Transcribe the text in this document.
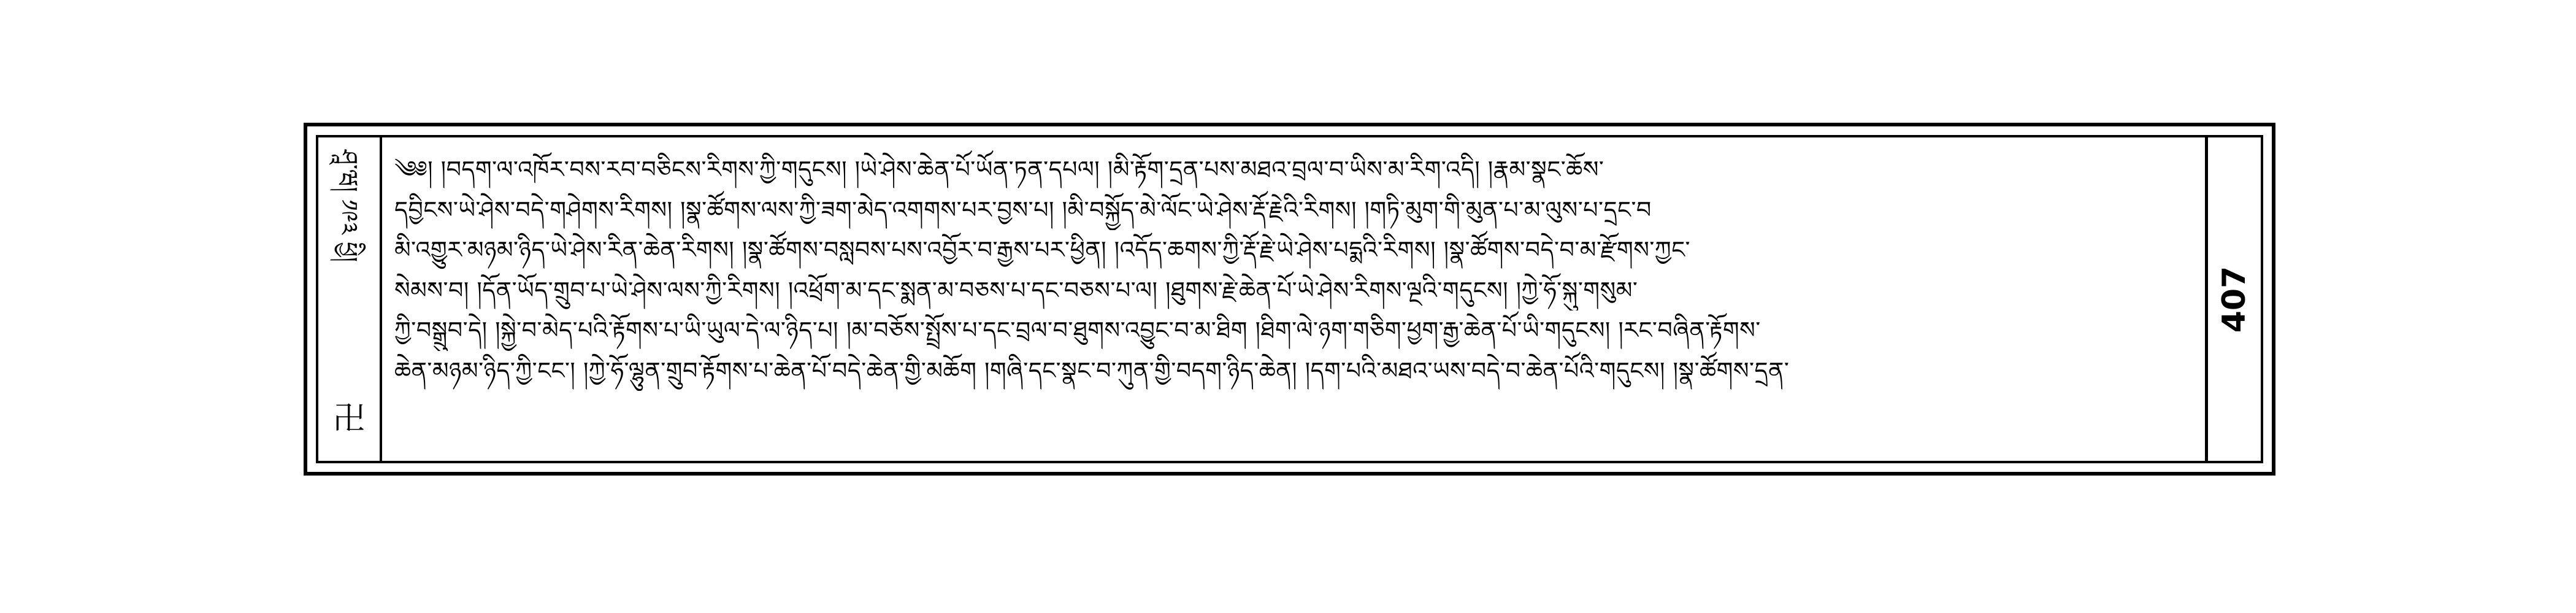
ཤཱ་ཝ། ༡༩༣ ཕྱི།
卍
༄༅། །བདག་ལ་འཁོར་བས་རབ་བཅིངས་རིགས་ཀྱི་གདུངས། །ཡེ་ཤེས་ཆེན་པོ་ཡོན་ཏན་དཔལ། །མི་རྟོག་དྲན་པས་མཐའ་བྲལ་བ་ཡིས་མ་རིག་འདི། །རྣམ་སྣང་ཆོས་
དབྱིངས་ཡེ་ཤེས་བདེ་གཤེགས་རིགས། །སྣ་ཚོགས་ལས་ཀྱི་ཟག་མེད་འགགས་པར་བྱས་པ། །མི་བསྐྱོད་མེ་ལོང་ཡེ་ཤེས་རྡོ་རྗེའི་རིགས། །གཏི་མུག་གི་མུན་པ་མ་ལུས་པ་དྲང་བ
མི་འགྱུར་མཉམ་ཉིད་ཡེ་ཤེས་རིན་ཆེན་རིགས། །སྣ་ཚོགས་བསླབས་པས་འབྱོར་བ་རྒྱས་པར་ཕྱིན། །འདོད་ཆགས་ཀྱི་རྡོ་རྗེ་ཡེ་ཤེས་པདྨའི་རིགས། །སྣ་ཚོགས་བདེ་བ་མ་རྫོགས་ཀྱང་
སེམས་བ། །དོན་ཡོད་གྲུབ་པ་ཡེ་ཤེས་ལས་ཀྱི་རིགས། །འཕྲོག་མ་དང་སྨན་མ་བཅས་པ་དང་བཅས་པ་ལ། །ཐུགས་རྗེ་ཆེན་པོ་ཡེ་ཤེས་རིགས་ལྔའི་གདུངས། །ཀྱེ་ཧོ་སྐུ་གསུམ་
ཀྱི་བསྒྲུབ་དེ། །སྐྱེ་བ་མེད་པའི་རྟོགས་པ་ཡི་ཡུལ་དེ་ལ་ཉིད་པ། །མ་བཅོས་སྤྲོས་པ་དང་བྲལ་བ་ཐུགས་འབྱུང་བ་མ་ཐིག །ཐིག་ལེ་ཉག་གཅིག་ཕྱག་རྒྱ་ཆེན་པོ་ཡི་གདུངས། །རང་བཞིན་རྟོགས་
ཆེན་མཉམ་ཉིད་ཀྱི་ངང་། །ཀྱེ་ཧོ་ལྷུན་གྲུབ་རྟོགས་པ་ཆེན་པོ་བདེ་ཆེན་གྱི་མཆོག །གཞི་དང་སྣང་བ་ཀུན་གྱི་བདག་ཉིད་ཆེན། །དག་པའི་མཐའ་ཡས་བདེ་བ་ཆེན་པོའི་གདུངས། །སྣ་ཚོགས་དྲན་
407
